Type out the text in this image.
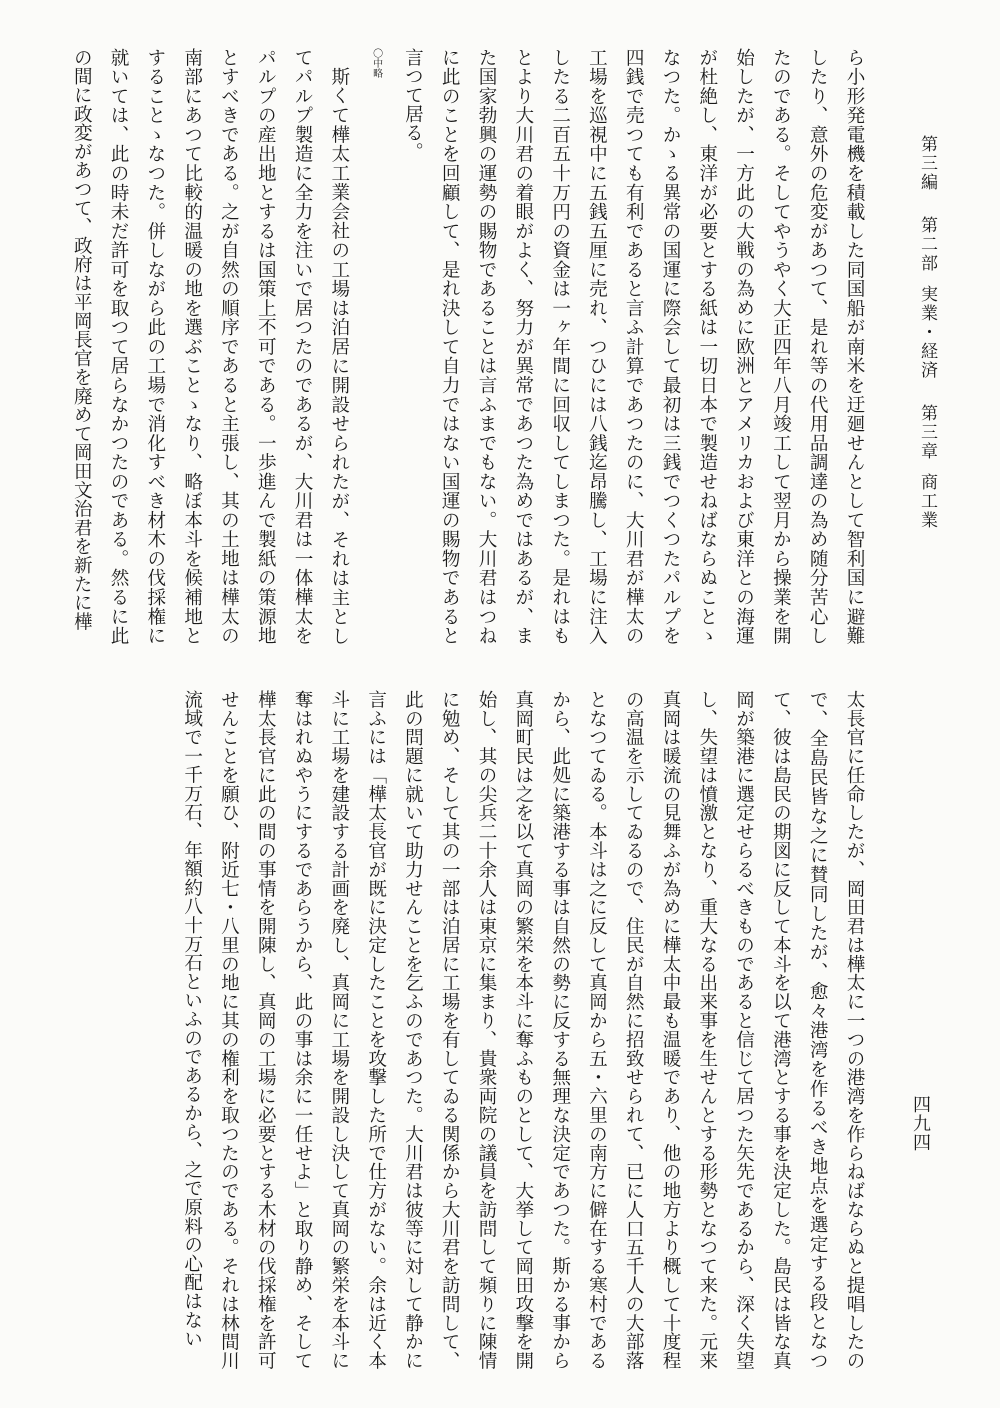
第三編
第二部
実業・経済
第三章
商工業
四九四

ら小形発電機を積載した同国船が南米を迂廻せんとして智利国に避難したり、意外の危変があつて、是れ等の代用品調達の為め随分苦心したのである。そしてやうやく大正四年八月竣工して翌月から操業を開始したが、一方此の大戦の為めに欧洲とアメリカおよび東洋との海運が杜絶し、東洋が必要とする紙は一切日本で製造せねばならぬことゝなつた。かゝる異常の国運に際会して最初は三銭でつくつたパルプを四銭で売つても有利であると言ふ計算であつたのに、大川君が樺太の工場を巡視中に五銭五厘に売れ、つひには八銭迄昂騰し、工場に注入したる二百五十万円の資金は一ヶ年間に回収してしまつた。是れはもとより大川君の着眼がよく、努力が異常であつた為めではあるが、また国家勃興の運勢の賜物であることは言ふまでもない。大川君はつねに此のことを回顧して、是れ決して自力ではない国運の賜物であると言つて居る。

〇中略

斯くて樺太工業会社の工場は泊居に開設せられたが、それは主としてパルプ製造に全力を注いで居つたのであるが、大川君は一体樺太をパルプの産出地とするは国策上不可である。一歩進んで製紙の策源地とすべきである。之が自然の順序であると主張し、其の土地は樺太の南部にあつて比較的温暖の地を選ぶことゝなり、略ぼ本斗を候補地とすることゝなつた。併しながら此の工場で消化すべき材木の伐採権に就いては、此の時未だ許可を取つて居らなかつたのである。然るに此の間に政変があつて、政府は平岡長官を廃めて岡田文治君を新たに樺

太長官に任命したが、岡田君は樺太に一つの港湾を作らねばならぬと提唱したので、全島民皆な之に賛同したが、愈々港湾を作るべき地点を選定する段となつて、彼は島民の期図に反して本斗を以て港湾とする事を決定した。島民は皆な真岡が築港に選定せらるべきものであると信じて居つた矢先であるから、深く失望し、失望は憤激となり、重大なる出来事を生せんとする形勢となつて来た。元来真岡は暖流の見舞ふが為めに樺太中最も温暖であり、他の地方より概して十度程の高温を示してゐるので、住民が自然に招致せられて、已に人口五千人の大部落となつてゐる。本斗は之に反して真岡から五・六里の南方に僻在する寒村であるから、此処に築港する事は自然の勢に反する無理な決定であつた。斯かる事から真岡町民は之を以て真岡の繁栄を本斗に奪ふものとして、大挙して岡田攻撃を開始し、其の尖兵二十余人は東京に集まり、貴衆両院の議員を訪問して頻りに陳情に勉め、そして其の一部は泊居に工場を有してゐる関係から大川君を訪問して、此の問題に就いて助力せんことを乞ふのであつた。大川君は彼等に対して静かに言ふには「樺太長官が既に決定したことを攻撃した所で仕方がない。余は近く本斗に工場を建設する計画を廃し、真岡に工場を開設し決して真岡の繁栄を本斗に奪はれぬやうにするであらうから、此の事は余に一任せよ」と取り静め、そして樺太長官に此の間の事情を開陳し、真岡の工場に必要とする木材の伐採権を許可せんことを願ひ、附近七・八里の地に其の権利を取つたのである。それは林間川流域で一千万石、年額約八十万石といふのであるから、之で原料の心配はない
